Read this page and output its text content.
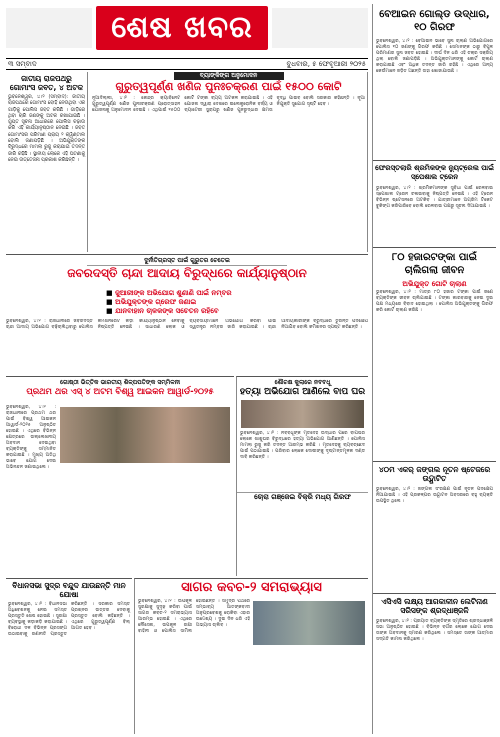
ଶେଷ ଖବର
୩ ସମ୍ବାଦ	ବୁଧବାର, ୫ ଫେବୃଆରୀ ୨୦୨୫
ଜାତୀୟ ରାଜପଥରୁ ଗୋମାଂସ ଜବତ, ୪ ଅଟକ
ଭୁବନେଶ୍ୱର, ୪।୨ (ସମ୍ବାଦ): ଜାତୀୟ ରାଜପଥରେ ଗୋମାଂସ ବୋହି ନେଉଥିବା ଏକ ଗାଡ଼ିକୁ ପୋଲିସ ଜବତ କରିଛି । ଗାଡ଼ିରେ ଥିବା ଚାରି ଜଣଙ୍କୁ ଅଟକ ରଖାଯାଇଛି । ଗୁପ୍ତ ସୂଚନା ଆଧାରରେ ପୋଲିସ ଚଢ଼ାଉ କରି ଏହି କାର୍ଯ୍ୟାନୁଷ୍ଠାନ ନେଇଛି । ଜବତ ଗୋମାଂସର ପରିମାଣ ପ୍ରାୟ ୨ କ୍ୱିଣ୍ଟାଲ ବୋଲି ଜଣାପଡ଼ିଛି । ଅଭିଯୁକ୍ତଙ୍କ ବିରୁଦ୍ଧରେ ମାମଲା ରୁଜୁ କରାଯାଇ ତଦନ୍ତ ଜାରି ରହିଛି । ସ୍ଥାନୀୟ ଲୋକେ ଏହି ଘଟଣାକୁ ନେଇ ଉତ୍ତେଜନା ପ୍ରକାଶ କରିଛନ୍ତି ।
ବ୍ୟାଙ୍କିଙ୍ଗ ଅନୁମୋଦନ
ଗୁରୁତ୍ୱପୂର୍ଣ୍ଣ ଖଣିଜ ପୁନଃଚକ୍ରଣ ପାଇଁ ୧୫୦୦ କୋଟି
ନୂଆଦିଲ୍ଲୀ, ୪।୨ : କେନ୍ଦ୍ର କ୍ୟାବିନେଟ ଗୁରୁତ୍ୱପୂର୍ଣ୍ଣ ଖଣିଜ ପୁନଃଚକ୍ରଣ ପ୍ରୋତ୍ସାହନ ଯୋଜନାକୁ ଅନୁମୋଦନ ଦେଇଛି । ଏଥିପାଇଁ ୧୫୦୦ କୋଟି ଟଙ୍କା ବ୍ୟୟ ଅଟକଳ କରାଯାଇଛି । ଏହି ଯୋଜନା ଦ୍ୱାରା ଦେଶରେ ଇଲେକ୍ଟ୍ରୋନିକ ବର୍ଜ୍ୟ ଓ ବ୍ୟାଟେରୀ ସ୍କ୍ରାପରୁ ଖଣିଜ ପୁନରୁଦ୍ଧାର କ୍ଷମତା ବୃଦ୍ଧି ପାଇବ ବୋଲି ସରକାର କହିଛନ୍ତି । ନୂଆ ନିଯୁକ୍ତି ସୁଯୋଗ ସୃଷ୍ଟି ହେବ ।
ବେଆଇନ ଗୋଲ୍ଡ ଉଦ୍ଧାର, ୧୦ ଗିରଫ
ଭୁବନେଶ୍ୱର, ୪।୨ : ବେଆଇନ ଭାବେ ସୁନା ଚାଲାଣ ଅଭିଯୋଗରେ ପୋଲିସ ୧୦ ଜଣଙ୍କୁ ଗିରଫ କରିଛି । ସେମାନଙ୍କ ଠାରୁ ବିପୁଳ ପରିମାଣର ସୁନା ଜବତ ହୋଇଛି । ଦୀର୍ଘ ଦିନ ଧରି ଏହି ଚକ୍ର ସକ୍ରିୟ ଥିଲା ବୋଲି ଜଣାପଡ଼ିଛି । ଅଭିଯୁକ୍ତମାନଙ୍କୁ କୋର୍ଟ ଚାଲାଣ କରାଯାଇଛି ଏବଂ ଅଧିକ ତଦନ୍ତ ଜାରି ରହିଛି । ଏଥିରେ ଅନ୍ୟ କେଉଁମାନେ ଜଡ଼ିତ ଅଛନ୍ତି ତାହା ଖୋଜାଯାଉଛି ।
ଫେରସ୍ତଲାରି ଶ୍ରମିକଙ୍କ ନ୍ୟୁଟ୍ରେଲ ପାଇଁ ସ୍ପେଶାଲ ଟ୍ରେନ
ଭୁବନେଶ୍ୱର, ୪।୨ : ଶ୍ରମିକମାନଙ୍କ ସୁବିଧା ପାଇଁ ରେଳବାଇ ସ୍ପେଶାଲ ଟ୍ରେନ ଚଳାଇବାକୁ ନିଷ୍ପତ୍ତି ନେଇଛି । ଏହି ଟ୍ରେନ ବିଭିନ୍ନ ଷ୍ଟେସନରେ ଅଟକିବ । ଯାତ୍ରୀମାନେ ଅଗ୍ରିମ ଟିକେଟ ବୁକିଙ୍ଗ କରିପାରିବେ ବୋଲି ରେଳବାଇ ପକ୍ଷରୁ ସୂଚନା ଦିଆଯାଇଛି ।
୮୦ ହଜାରଟଙ୍କା ପାଇଁ ଚାଲିଗଲା ଜୀବନ
ଅଭିଯୁକ୍ତ ଗୋଟି ଚାଲାଣ
ଭୁବନେଶ୍ୱର, ୪।୨ : ମାତ୍ର ୮୦ ହଜାର ଟଙ୍କା ପାଇଁ ଜଣେ ବ୍ୟକ୍ତିଙ୍କ ଜୀବନ ଚାଲିଯାଇଛି । ଟଙ୍କା କାରବାରକୁ ନେଇ ଦୁଇ ପକ୍ଷ ମଧ୍ୟରେ ବିବାଦ ହୋଇଥିଲା । ପୋଲିସ ଅଭିଯୁକ୍ତଙ୍କୁ ଗିରଫ କରି କୋର୍ଟ ଚାଲାଣ କରିଛି ।
୪୦ମ ଏକର୍ ଜଙ୍ଗଲ ନୂତନ ଷ୍ଟେଜରେ ଉଦ୍ଘାଟିତ
ଭୁବନେଶ୍ୱର, ୪।୨ : ଜଙ୍ଗଲ ସଂରକ୍ଷଣ ପାଇଁ ନୂତନ ପଦକ୍ଷେପ ନିଆଯାଇଛି । ଏହି ପ୍ରକଳ୍ପର ଉଦ୍ଘାଟନ ଅବସରରେ ବହୁ ବ୍ୟକ୍ତି ଉପସ୍ଥିତ ଥିଲେ ।
ଏସିଏସି ଲକ୍ଷ୍ୟ ଆଗକାଳୀନ ଲେଟିନାଣ ସରିସଙ୍କ ଶ୍ରଦ୍ଧାଞ୍ଜଳି
ଭୁବନେଶ୍ୱର, ୪।୨ : ପ୍ରୟାତ ବ୍ୟକ୍ତିଙ୍କ ସ୍ମୃତିରେ ଶ୍ରଦ୍ଧାଞ୍ଜଳି ସଭା ଅନୁଷ୍ଠିତ ହୋଇଛି । ବିଭିନ୍ନ ବର୍ଗର ଲୋକେ ଯୋଗ ଦେଇ ତାଙ୍କ ଅବଦାନକୁ ସ୍ମରଣ କରିଥିଲେ । ସମସ୍ତେ ତାଙ୍କ ଆତ୍ମାର ସଦ୍ଗତି କାମନା କରିଥିଲେ ।
ଦୁର୍ନୀତିଗ୍ରସ୍ତ ପାଇଁ ଗୁରୁତର ଚେତେଇ
ଜବରଦସ୍ତି ଚାନ୍ଦା ଆଦାୟ ବିରୁଦ୍ଧରେ କାର୍ଯ୍ୟାନୁଷ୍ଠାନ
■ ଜୁଆରୀଙ୍କ ଅଭିଯୋଗ ଶୁଣାଣି ପାଇଁ ନମ୍ବର
■ ଅଭିଯୁକ୍ତଙ୍କ ଗ୍ରେଫ ଜଣାଇ
■ ଯାନବାହାନ ଚାଳକଙ୍କ ସଚେତନ ରହିବେ
ଭୁବନେଶ୍ୱର, ୪।୨ : ରାଜଧାନୀରେ ଜବରଦସ୍ତି ଚାନ୍ଦା ଆଦାୟ ଅଭିଯୋଗ ବଢ଼ିଚାଲିଥିବାରୁ ପୋଲିସ କମିଶନରେଟ କଡ଼ା କାର୍ଯ୍ୟାନୁଷ୍ଠାନ ନେବାକୁ ନିଷ୍ପତ୍ତି ନେଇଛି । ସାଧାରଣ ଲୋକ ଓ ବ୍ୟବସାୟୀମାନେ ଅଭିଯୋଗ କରିବା ପାଇଁ ସ୍ୱତନ୍ତ୍ର ନମ୍ବର ଜାରି କରାଯାଇଛି । ଚାନ୍ଦା ଆଦାୟକାରୀଙ୍କ ବିରୁଦ୍ଧରେ ତୁରନ୍ତ ପଦକ୍ଷେପ ନିଆଯିବ ବୋଲି କମିଶନର ସ୍ପଷ୍ଟ କରିଛନ୍ତି ।
ଗୋଷ୍ଠୀ ଭିତ୍ତିକ ଭାରତୀୟ ଶିଳ୍ପପତିଙ୍କ ସମ୍ମିଳନୀ
ପ୍ରଥମ ଥର ଏସ୍ ୪ ଅଟମ ବିଶ୍ୱ ଆଇକନ ଆୱାର୍ଡ-୨୦୨୫
ଭୁବନେଶ୍ୱର, ୪।୨ : ରାଜଧାନୀରେ ପ୍ରଥମ ଥର ପାଇଁ ବିଶ୍ୱ ଆଇକନ ଆୱାର୍ଡ-୨୦୨୫ ଅନୁଷ୍ଠିତ ହୋଇଛି । ଏଥିରେ ବିଭିନ୍ନ କ୍ଷେତ୍ରରେ ଉଲ୍ଲେଖନୀୟ ଅବଦାନ ଦେଇଥିବା ବ୍ୟକ୍ତିଙ୍କୁ ସମ୍ମାନିତ କରାଯାଇଛି । ମୁଖ୍ୟ ଅତିଥି ଭାବେ ଯୋଗ ଦେଇ ଅଭିନନ୍ଦନ ଜଣାଇଥିଲେ ।
ଶୌଚକ୍ଷ କୁଲାରେ ନବବଧୂ
ହତ୍ୟା ଅଭିଯୋଗ ଆଣିଲେ ବାପ ଘର
ଭୁବନେଶ୍ୱର, ୪।୨ : ନବବଧୂଙ୍କ ମୃତଦେହ ଉଦ୍ଧାର ପରେ ବାପଘର ଲୋକେ ଶାଶୁଘର ବିରୁଦ୍ଧରେ ହତ୍ୟା ଅଭିଯୋଗ ଆଣିଛନ୍ତି । ପୋଲିସ ମାମଲା ରୁଜୁ କରି ତଦନ୍ତ ଆରମ୍ଭ କରିଛି । ମୃତଦେହକୁ ବ୍ୟବଚ୍ଛେଦ ପାଇଁ ପଠାଯାଇଛି । ପରିବାର ଲୋକେ ଦୋଷୀଙ୍କୁ ଦୃଷ୍ଟାନ୍ତମୂଳକ ଦଣ୍ଡ ଦାବି କରିଛନ୍ତି ।
ଚୋରା ଗଞ୍ଜେଇ ବିକ୍ରି ମଧ୍ୟ ଗିରଫ
ବିଧାନସଭା ସୁଦ୍ର ବନ୍ଦୁଦ ଯାଉଛନ୍ତି ମାନ ଯୋଷା
ଭୁବନେଶ୍ୱର, ୪।୨ : ବିଧାନସଭା ଅଧିବେଶନକୁ ନେଇ ସମସ୍ତ ପ୍ରସ୍ତୁତି ଶେଷ ହୋଇଛି । ସୁରକ୍ଷା ବ୍ୟବସ୍ଥାକୁ କଡ଼ାକଡ଼ି କରାଯାଇଛି । ବିରୋଧୀ ଦଳ ବିଭିନ୍ନ ପ୍ରସଙ୍ଗ ଉଠାଇବାକୁ ରଣନୀତି ପ୍ରସ୍ତୁତ କରିଛନ୍ତି । ସରକାର ସମସ୍ତ ପ୍ରଶ୍ନର ଉତ୍ତର ଦେବାକୁ ପ୍ରସ୍ତୁତ ବୋଲି କହିଛନ୍ତି । ଏଥିରେ ଗୁରୁତ୍ୱପୂର୍ଣ୍ଣ ବିଲ୍ ଆଗତ ହେବ ।
ସାଗର କବଚ-୨ ସମରାଭ୍ୟାସ
ଭୁବନେଶ୍ୱର, ୪।୨ : ଉପକୂଳ ସୁରକ୍ଷାକୁ ସୁଦୃଢ଼ କରିବା ପାଇଁ ସାଗର କବଚ-୨ ସମରାଭ୍ୟାସ ଆରମ୍ଭ ହୋଇଛି । ଏଥିରେ ନୌସେନା, ଉପକୂଳ ରକ୍ଷୀ ବାହିନୀ ଓ ପୋଲିସ ସାମିଲ ହୋଇଛନ୍ତି । ସମୁଦ୍ର ପଥରେ ସମ୍ଭାବ୍ୟ ଆତଙ୍କବାଦୀ ଅନୁପ୍ରବେଶକୁ ରୋକିବା ଏହାର ଉଦ୍ଦେଶ୍ୟ । ଦୁଇ ଦିନ ଧରି ଏହି ଅଭ୍ୟାସ ଚାଲିବ ।
